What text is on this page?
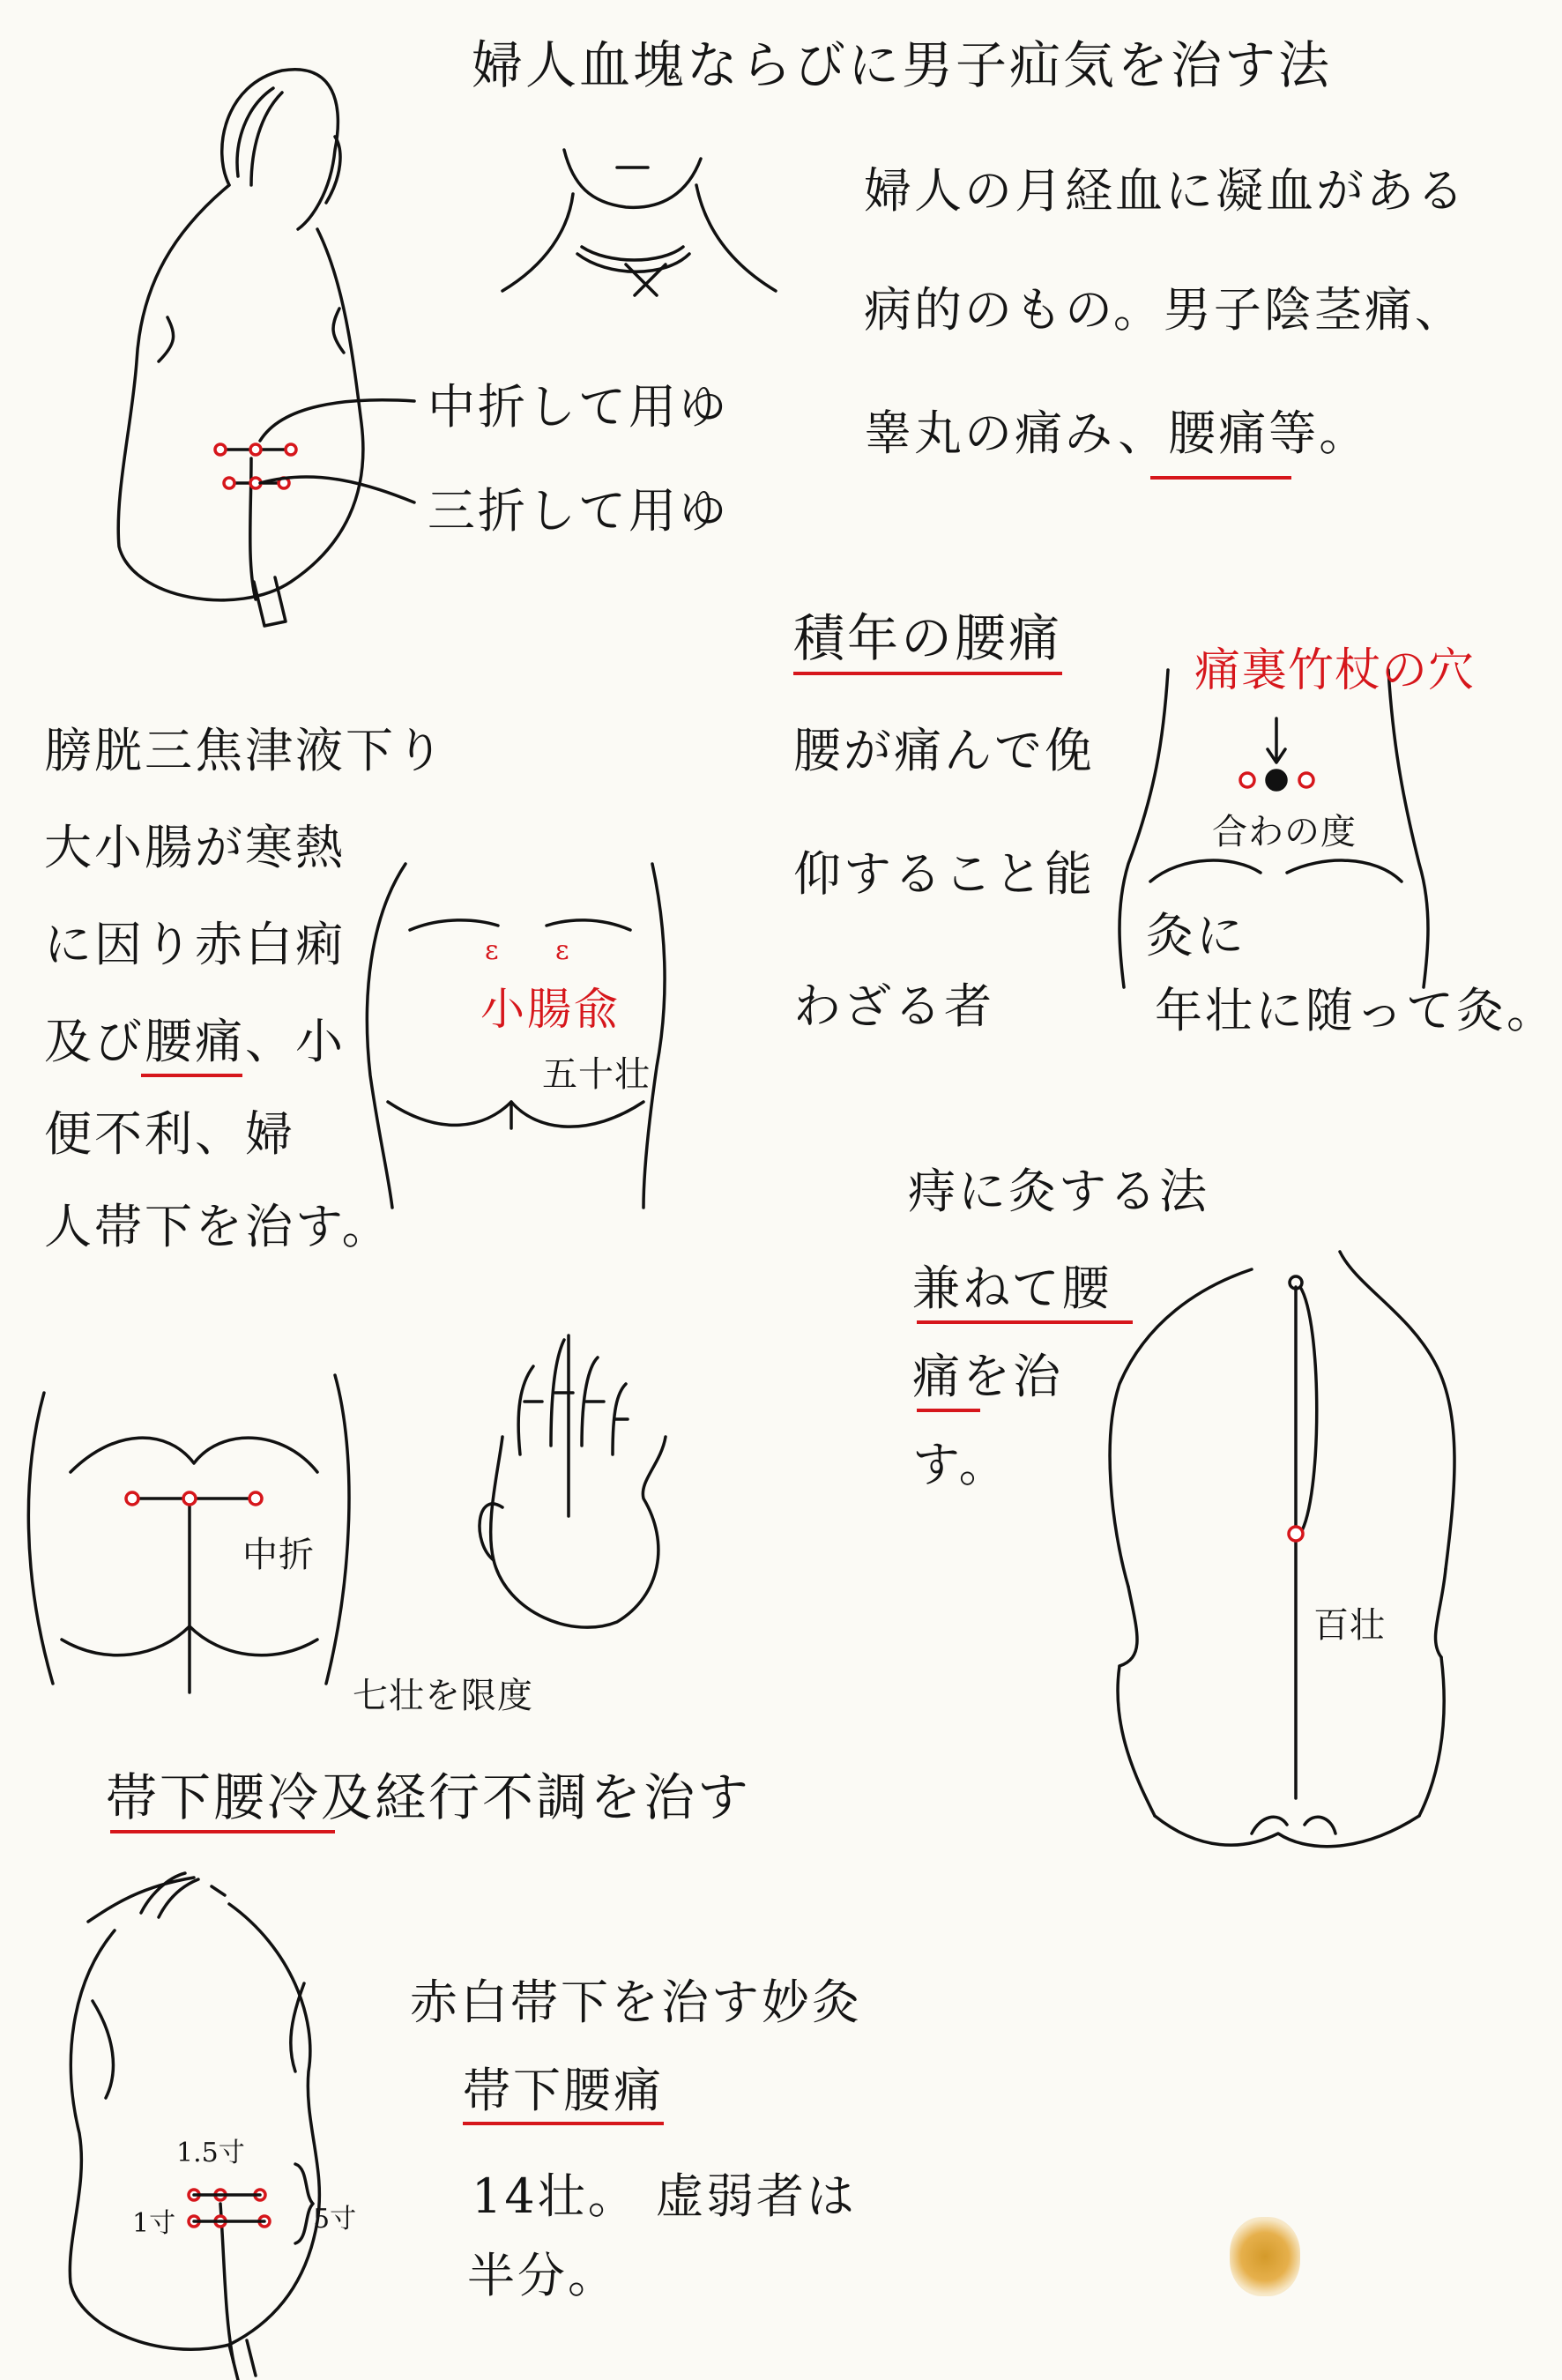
婦人血塊ならびに男子疝気を治す法
婦人の月経血に凝血がある
病的のもの。男子陰茎痛、
睾丸の痛み、腰痛等。
中折して用ゆ
三折して用ゆ
積年の腰痛
腰が痛んで俛
仰すること能
わざる者
痛裏竹杖の穴
合わの度
灸に
年壮に随って灸。
膀胱三焦津液下り
大小腸が寒熱
に因り赤白痢
及び腰痛、小
便不利、婦
人帯下を治す。
ε ε
小腸兪
五十壮
痔に灸する法
兼ねて腰
痛を治
す。
百壮
中折
七壮を限度
帯下腰冷及経行不調を治す
1.5寸
1寸	5寸
赤白帯下を治す妙灸
帯下腰痛
14壮。 虚弱者は
半分。
